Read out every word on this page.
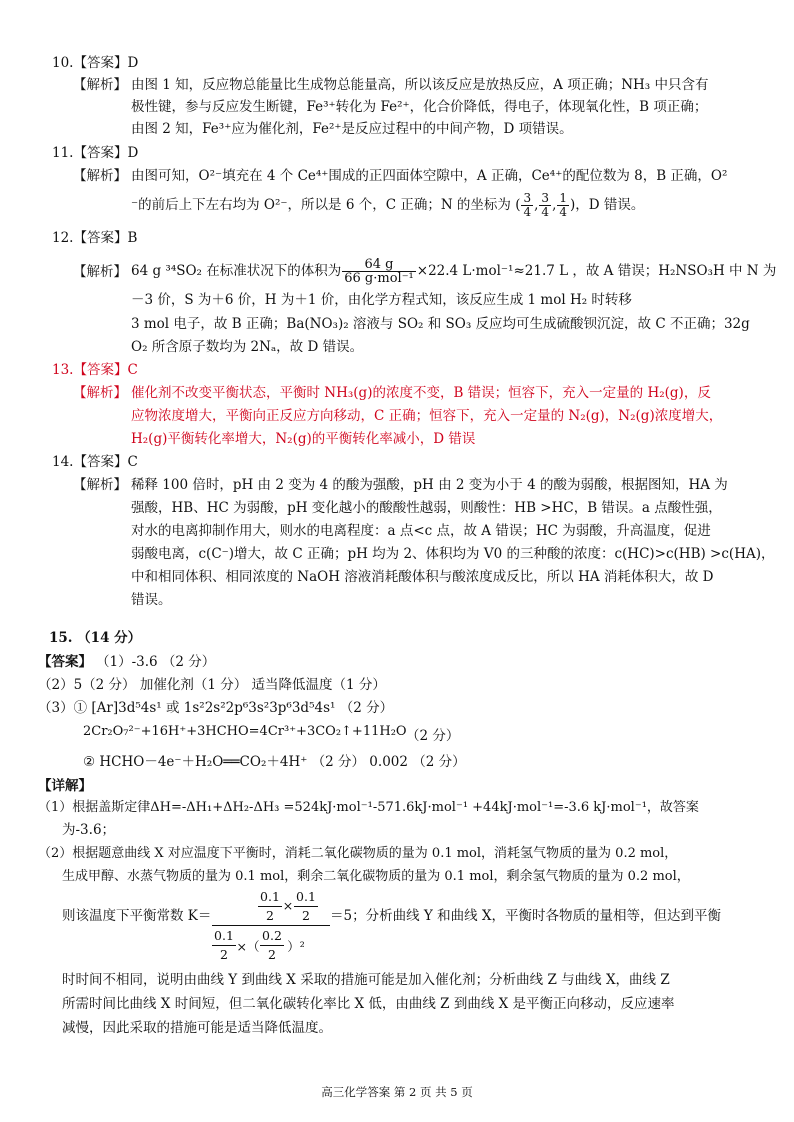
10.【答案】D
【解析】 由图 1 知，反应物总能量比生成物总能量高，所以该反应是放热反应，A 项正确；NH₃ 中只含有
极性键，参与反应发生断键，Fe³⁺转化为 Fe²⁺，化合价降低，得电子，体现氧化性，B 项正确；
由图 2 知，Fe³⁺应为催化剂，Fe²⁺是反应过程中的中间产物，D 项错误。
11.【答案】D
【解析】 由图可知，O²⁻填充在 4 个 Ce⁴⁺围成的正四面体空隙中，A 正确，Ce⁴⁺的配位数为 8，B 正确，O²
⁻的前后上下左右均为 O²⁻，所以是 6 个，C 正确；N 的坐标为 ( $\frac{3}{4}$ , $\frac{3}{4}$ , $\frac{1}{4}$ )，D 错误。
12.【答案】B
【解析】 64 g ³⁴SO₂ 在标准状况下的体积为 $\frac{64 g}{\text{66 g·mol⁻¹}} \times 22.4$ L·mol⁻¹≈21.7 L ，故 A 错误；H₂NSO₃H 中 N 为
－3 价，S 为＋6 价，H 为＋1 价，由化学方程式知，该反应生成 1 mol H₂ 时转移
3 mol 电子，故 B 正确；Ba(NO₃)₂ 溶液与 SO₂ 和 SO₃ 反应均可生成硫酸钡沉淀，故 C 不正确；32g
O₂ 所含原子数均为 2Nₐ，故 D 错误。
13.【答案】C
【解析】 催化剂不改变平衡状态，平衡时 NH₃(g)的浓度不变，B 错误；恒容下，充入一定量的 H₂(g)，反
应物浓度增大，平衡向正反应方向移动，C 正确；恒容下，充入一定量的 N₂(g)，N₂(g)浓度增大，
H₂(g)平衡转化率增大，N₂(g)的平衡转化率减小，D 错误
14.【答案】C
【解析】 稀释 100 倍时，pH 由 2 变为 4 的酸为强酸，pH 由 2 变为小于 4 的酸为弱酸，根据图知，HA 为
强酸，HB、HC 为弱酸，pH 变化越小的酸酸性越弱，则酸性：HB >HC，B 错误。a 点酸性强，
对水的电离抑制作用大，则水的电离程度：a 点<c 点，故 A 错误；HC 为弱酸，升高温度，促进
弱酸电离，c(C⁻)增大，故 C 正确；pH 均为 2、体积均为 V0 的三种酸的浓度：c(HC)>c(HB) >c(HA)，
中和相同体积、相同浓度的 NaOH 溶液消耗酸体积与酸浓度成反比，所以 HA 消耗体积大，故 D
错误。
15. （14 分）
【答案】 （1）-3.6 （2 分）
（2）5（2 分） 加催化剂（1 分） 适当降低温度（1 分）
（3）① [Ar]3d⁵4s¹ 或 1s²2s²2p⁶3s²3p⁶3d⁵4s¹ （2 分）
2Cr₂O₇²⁻+16H⁺+3HCHO=4Cr³⁺+3CO₂↑+11H₂O （2 分）
② HCHO－4e⁻＋H₂O══CO₂＋4H⁺ （2 分） 0.002 （2 分）
【详解】
（1）根据盖斯定律ΔH=-ΔH₁+ΔH₂-ΔH₃ =524kJ·mol⁻¹-571.6kJ·mol⁻¹ +44kJ·mol⁻¹=-3.6 kJ·mol⁻¹，故答案
为-3.6；
（2）根据题意曲线 X 对应温度下平衡时，消耗二氧化碳物质的量为 0.1 mol，消耗氢气物质的量为 0.2 mol，
生成甲醇、水蒸气物质的量为 0.1 mol，剩余二氧化碳物质的量为 0.1 mol，剩余氢气物质的量为 0.2 mol，
则该温度下平衡常数 K＝
0.1
2
×
0.1
2
0.1
2
×（
0.2
2
）²
＝5；分析曲线 Y 和曲线 X，平衡时各物质的量相等，但达到平衡
时时间不相同，说明由曲线 Y 到曲线 X 采取的措施可能是加入催化剂；分析曲线 Z 与曲线 X，曲线 Z
所需时间比曲线 X 时间短，但二氧化碳转化率比 X 低，由曲线 Z 到曲线 X 是平衡正向移动，反应速率
减慢，因此采取的措施可能是适当降低温度。
高三化学答案 第 2 页 共 5 页
